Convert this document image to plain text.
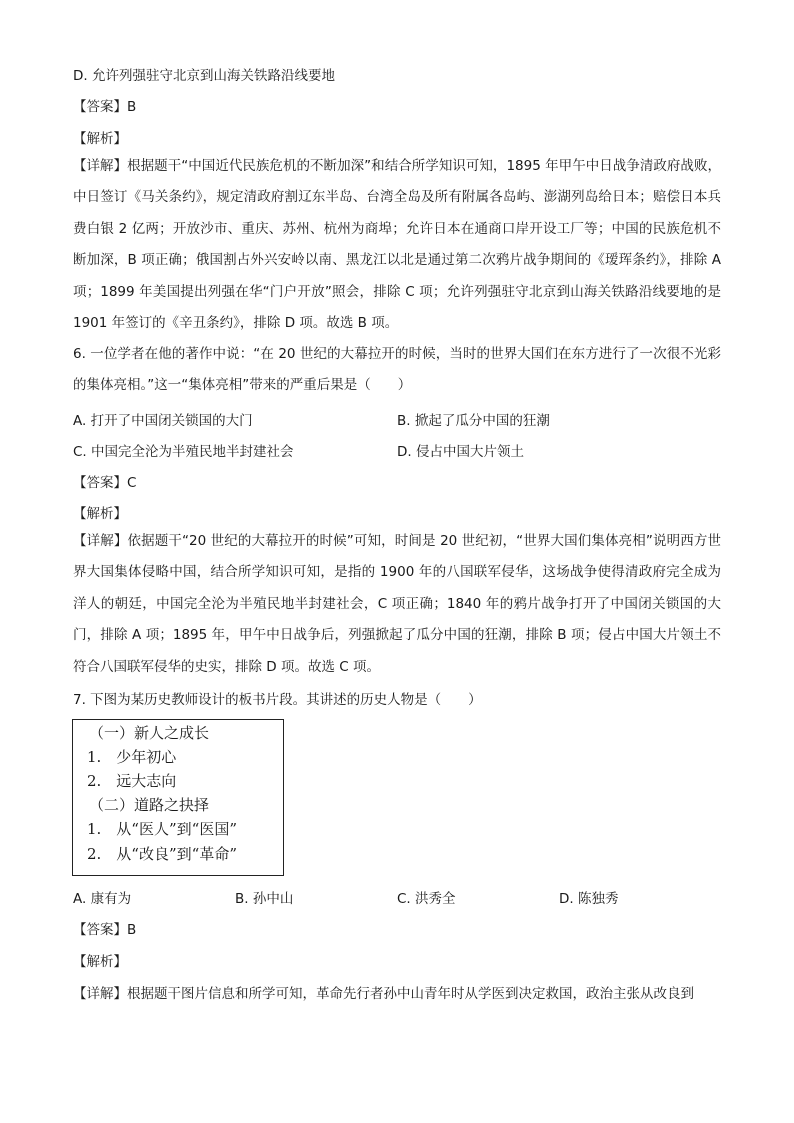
D. 允许列强驻守北京到山海关铁路沿线要地
【答案】B
【解析】
【详解】根据题干“中国近代民族危机的不断加深”和结合所学知识可知，1895 年甲午中日战争清政府战败，中日签订《马关条约》，规定清政府割辽东半岛、台湾全岛及所有附属各岛屿、澎湖列岛给日本；赔偿日本兵费白银 2 亿两；开放沙市、重庆、苏州、杭州为商埠；允许日本在通商口岸开设工厂等；中国的民族危机不断加深，B 项正确；俄国割占外兴安岭以南、黑龙江以北是通过第二次鸦片战争期间的《瑷珲条约》，排除 A 项；1899 年美国提出列强在华“门户开放”照会，排除 C 项；允许列强驻守北京到山海关铁路沿线要地的是 1901 年签订的《辛丑条约》，排除 D 项。故选 B 项。
6. 一位学者在他的著作中说：“在 20 世纪的大幕拉开的时候，当时的世界大国们在东方进行了一次很不光彩的集体亮相。”这一“集体亮相”带来的严重后果是（　　）
A. 打开了中国闭关锁国的大门	B. 掀起了瓜分中国的狂潮
C. 中国完全沦为半殖民地半封建社会	D. 侵占中国大片领土
【答案】C
【解析】
【详解】依据题干“20 世纪的大幕拉开的时候”可知，时间是 20 世纪初，“世界大国们集体亮相”说明西方世界大国集体侵略中国，结合所学知识可知，是指的 1900 年的八国联军侵华，这场战争使得清政府完全成为洋人的朝廷，中国完全沦为半殖民地半封建社会，C 项正确；1840 年的鸦片战争打开了中国闭关锁国的大门，排除 A 项；1895 年，甲午中日战争后，列强掀起了瓜分中国的狂潮，排除 B 项；侵占中国大片领土不符合八国联军侵华的史实，排除 D 项。故选 C 项。
7. 下图为某历史教师设计的板书片段。其讲述的历史人物是（　　）
（一）新人之成长
1.　少年初心
2.　远大志向
（二）道路之抉择
1.　从“医人”到“医国”
2.　从“改良”到“革命”
A. 康有为	B. 孙中山	C. 洪秀全	D. 陈独秀
【答案】B
【解析】
【详解】根据题干图片信息和所学可知，革命先行者孙中山青年时从学医到决定救国，政治主张从改良到
